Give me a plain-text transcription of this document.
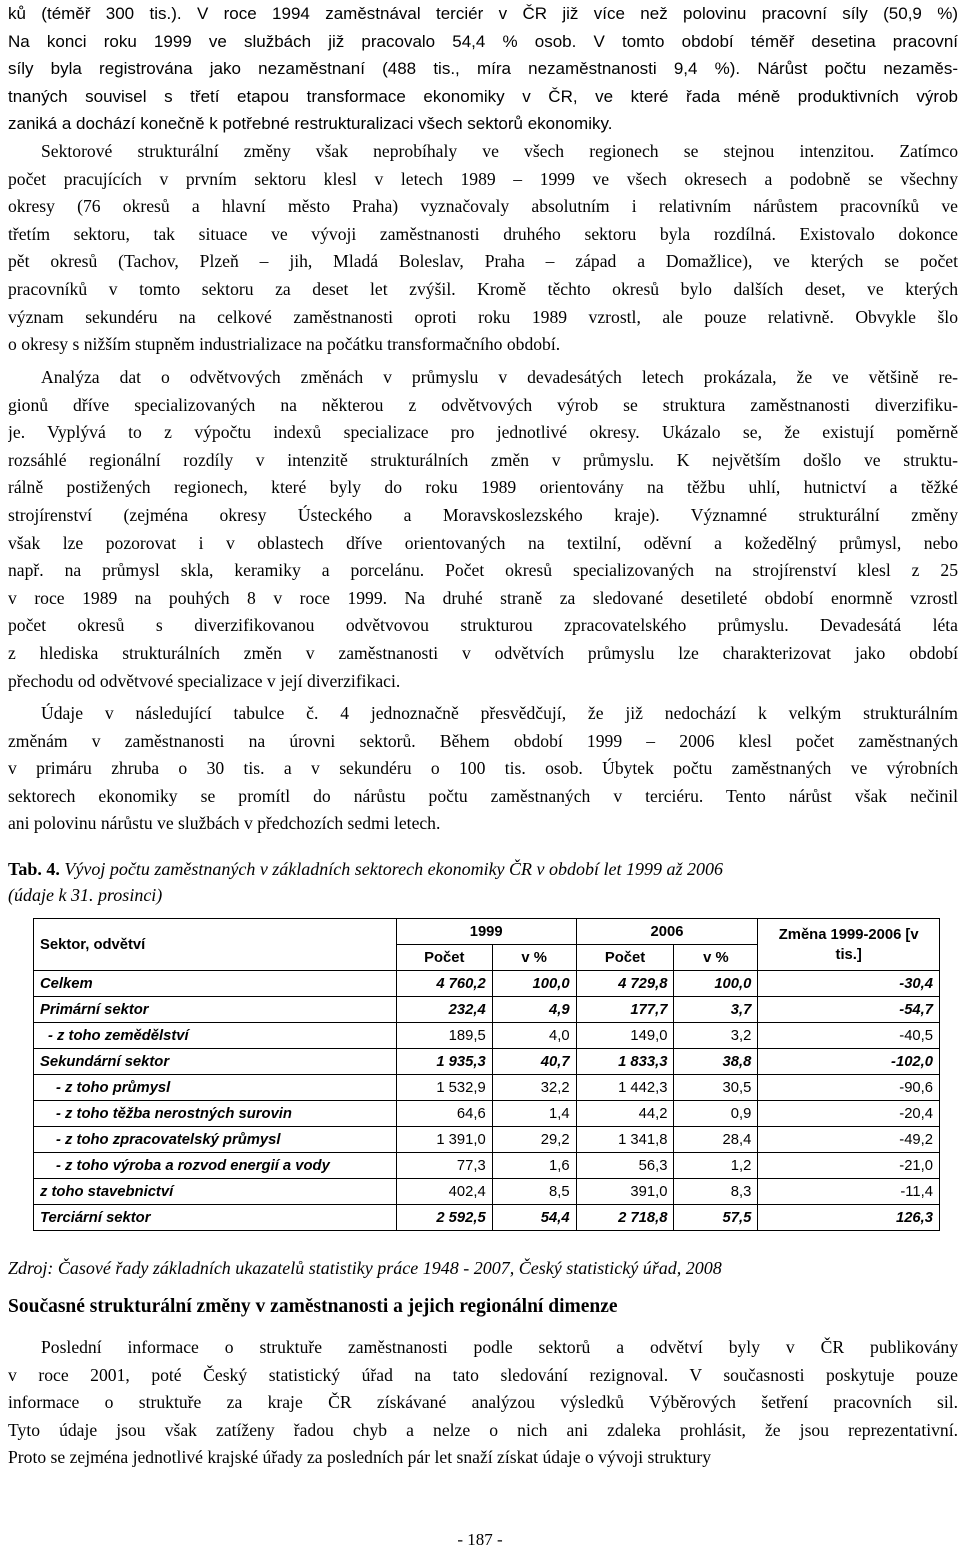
ků (téměř 300 tis.). V roce 1994 zaměstnával terciér v ČR již více než polovinu pracovní síly (50,9 %)
Na konci roku 1999 ve službách již pracovalo 54,4 % osob. V tomto období téměř desetina pracovní
síly byla registrována jako nezaměstnaní (488 tis., míra nezaměstnanosti 9,4 %). Nárůst počtu nezaměs-
tnaných souvisel s třetí etapou transformace ekonomiky v ČR, ve které řada méně produktivních výrob
zaniká a dochází konečně k potřebné restrukturalizaci všech sektorů ekonomiky.
Sektorové strukturální změny však neprobíhaly ve všech regionech se stejnou intenzitou. Zatímco
počet pracujících v prvním sektoru klesl v letech 1989 – 1999 ve všech okresech a podobně se všechny
okresy (76 okresů a hlavní město Praha) vyznačovaly absolutním i relativním nárůstem pracovníků ve
třetím sektoru, tak situace ve vývoji zaměstnanosti druhého sektoru byla rozdílná. Existovalo dokonce
pět okresů (Tachov, Plzeň – jih, Mladá Boleslav, Praha – západ a Domažlice), ve kterých se počet
pracovníků v tomto sektoru za deset let zvýšil. Kromě těchto okresů bylo dalších deset, ve kterých
význam sekundéru na celkové zaměstnanosti oproti roku 1989 vzrostl, ale pouze relativně. Obvykle šlo
o okresy s nižším stupněm industrializace na počátku transformačního období.
Analýza dat o odvětvových změnách v průmyslu v devadesátých letech prokázala, že ve většině re-
gionů dříve specializovaných na některou z odvětvových výrob se struktura zaměstnanosti diverzifiku-
je. Vyplývá to z výpočtu indexů specializace pro jednotlivé okresy. Ukázalo se, že existují poměrně
rozsáhlé regionální rozdíly v intenzitě strukturálních změn v průmyslu. K největším došlo ve struktu-
rálně postižených regionech, které byly do roku 1989 orientovány na těžbu uhlí, hutnictví a těžké
strojírenství (zejména okresy Ústeckého a Moravskoslezského kraje). Významné strukturální změny
však lze pozorovat i v oblastech dříve orientovaných na textilní, oděvní a kožedělný průmysl, nebo
např. na průmysl skla, keramiky a porcelánu. Počet okresů specializovaných na strojírenství klesl z 25
v roce 1989 na pouhých 8 v roce 1999. Na druhé straně za sledované desetileté období enormně vzrostl
počet okresů s diverzifikovanou odvětvovou strukturou zpracovatelského průmyslu. Devadesátá léta
z hlediska strukturálních změn v zaměstnanosti v odvětvích průmyslu lze charakterizovat jako období
přechodu od odvětvové specializace v její diverzifikaci.
Údaje v následující tabulce č. 4 jednoznačně přesvědčují, že již nedochází k velkým strukturálním
změnám v zaměstnanosti na úrovni sektorů. Během období 1999 – 2006 klesl počet zaměstnaných
v primáru zhruba o 30 tis. a v sekundéru o 100 tis. osob. Úbytek počtu zaměstnaných ve výrobních
sektorech ekonomiky se promítl do nárůstu počtu zaměstnaných v terciéru. Tento nárůst však nečinil
ani polovinu nárůstu ve službách v předchozích sedmi letech.
Tab. 4. Vývoj počtu zaměstnaných v základních sektorech ekonomiky ČR v období let 1999 až 2006
(údaje k 31. prosinci)
Sektor, odvětví	1999		2006		Změna 1999-2006 [v tis.]
	Počet	v %	Počet	v %	
Celkem	4 760,2	100,0	4 729,8	100,0	-30,4
Primární sektor	232,4	4,9	177,7	3,7	-54,7
- z toho zemědělství	189,5	4,0	149,0	3,2	-40,5
Sekundární sektor	1 935,3	40,7	1 833,3	38,8	-102,0
- z toho průmysl	1 532,9	32,2	1 442,3	30,5	-90,6
- z toho těžba nerostných surovin	64,6	1,4	44,2	0,9	-20,4
- z toho zpracovatelský průmysl	1 391,0	29,2	1 341,8	28,4	-49,2
- z toho výroba a rozvod energií a vody	77,3	1,6	56,3	1,2	-21,0
z toho stavebnictví	402,4	8,5	391,0	8,3	-11,4
Terciární sektor	2 592,5	54,4	2 718,8	57,5	126,3
Zdroj: Časové řady základních ukazatelů statistiky práce 1948 - 2007, Český statistický úřad, 2008
Současné strukturální změny v zaměstnanosti a jejich regionální dimenze
Poslední informace o struktuře zaměstnanosti podle sektorů a odvětví byly v ČR publikovány
v roce 2001, poté Český statistický úřad na tato sledování rezignoval. V současnosti poskytuje pouze
informace o struktuře za kraje ČR získávané analýzou výsledků Výběrových šetření pracovních sil.
Tyto údaje jsou však zatíženy řadou chyb a nelze o nich ani zdaleka prohlásit, že jsou reprezentativní.
Proto se zejména jednotlivé krajské úřady za posledních pár let snaží získat údaje o vývoji struktury
- 187 -
